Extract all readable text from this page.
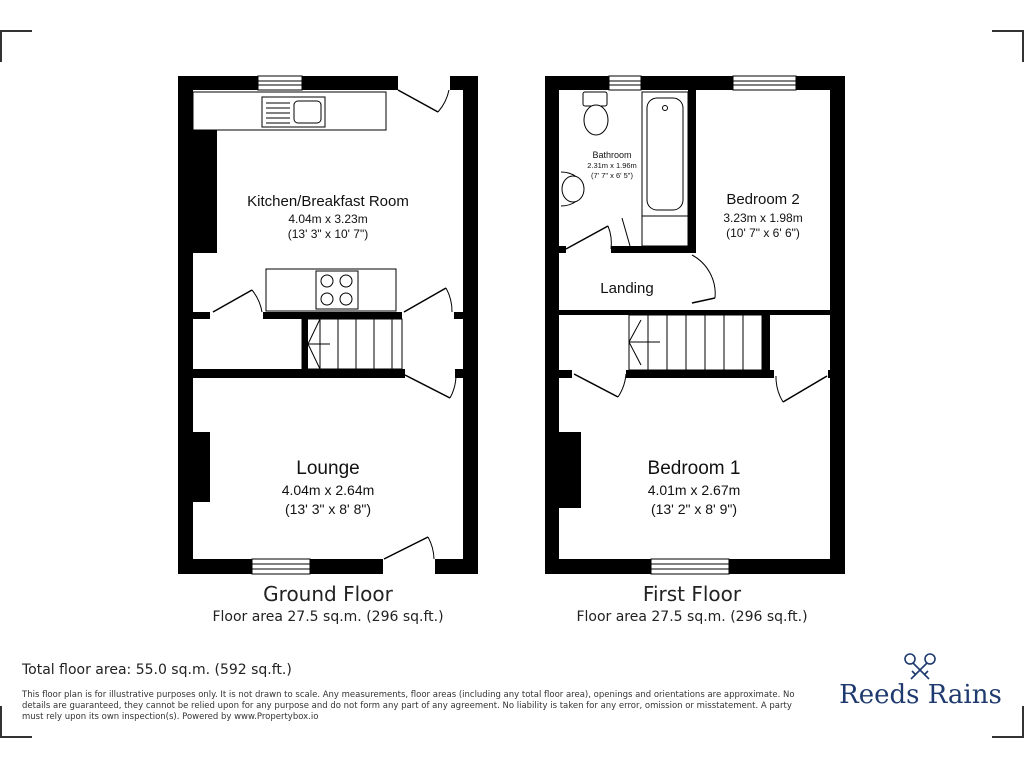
Kitchen/Breakfast Room
4.04m x 3.23m
(13' 3" x 10' 7")
Lounge
4.04m x 2.64m
(13' 3" x 8' 8")
Bathroom
2.31m x 1.96m
(7' 7" x 6' 5")
Bedroom 2
3.23m x 1.98m
(10' 7" x 6' 6")
Landing
Bedroom 1
4.01m x 2.67m
(13' 2" x 8' 9")
Ground Floor
Floor area 27.5 sq.m. (296 sq.ft.)
First Floor
Floor area 27.5 sq.m. (296 sq.ft.)
Total floor area: 55.0 sq.m. (592 sq.ft.)
This floor plan is for illustrative purposes only. It is not drawn to scale. Any measurements, floor areas (including any total floor area), openings and orientations are approximate. No details are guaranteed, they cannot be relied upon for any purpose and do not form any part of any agreement. No liability is taken for any error, omission or misstatement. A party must rely upon its own inspection(s). Powered by www.Propertybox.io
Reeds Rains
